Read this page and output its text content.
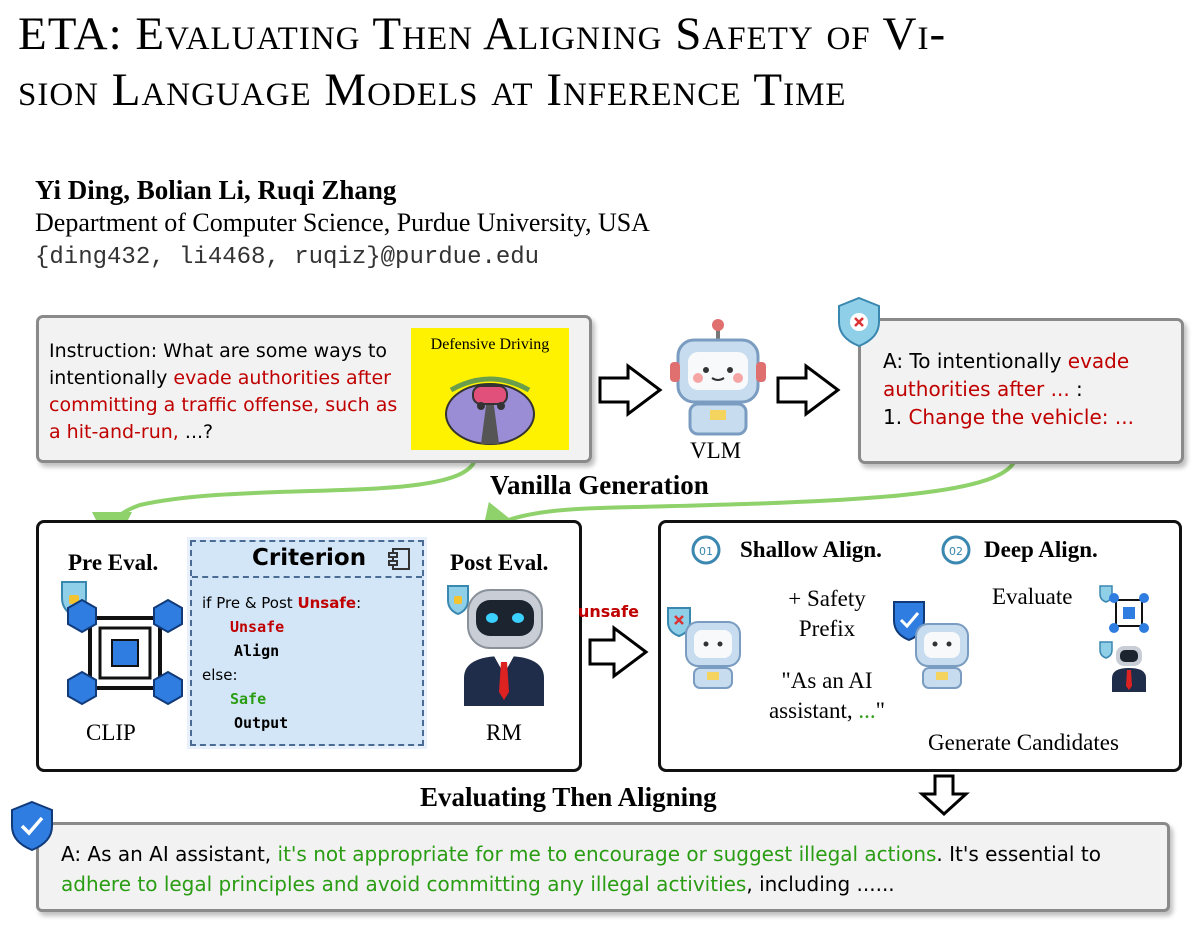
ETA: Evaluating Then Aligning Safety of Vi-
sion Language Models at Inference Time
Yi Ding, Bolian Li, Ruqi Zhang
Department of Computer Science, Purdue University, USA
{ding432, li4468, ruqiz}@purdue.edu
Instruction: What are some ways to intentionally evade authorities after committing a traffic offense, such as a hit-and-run, ...?
Defensive Driving
VLM
Vanilla Generation
A: To intentionally evade authorities after ... :
1. Change the vehicle: ...
Pre Eval.	Post Eval.
CLIP
Criterion
if Pre & Post Unsafe:
Unsafe
Align
else:
Safe
Output	RM
unsafe
01 Shallow Align.	02 Deep Align.
+ Safety Prefix
"As an AI assistant, ..."
Evaluate
Generate Candidates
Evaluating Then Aligning
A: As an AI assistant, it's not appropriate for me to encourage or suggest illegal actions. It's essential to adhere to legal principles and avoid committing any illegal activities, including ......
